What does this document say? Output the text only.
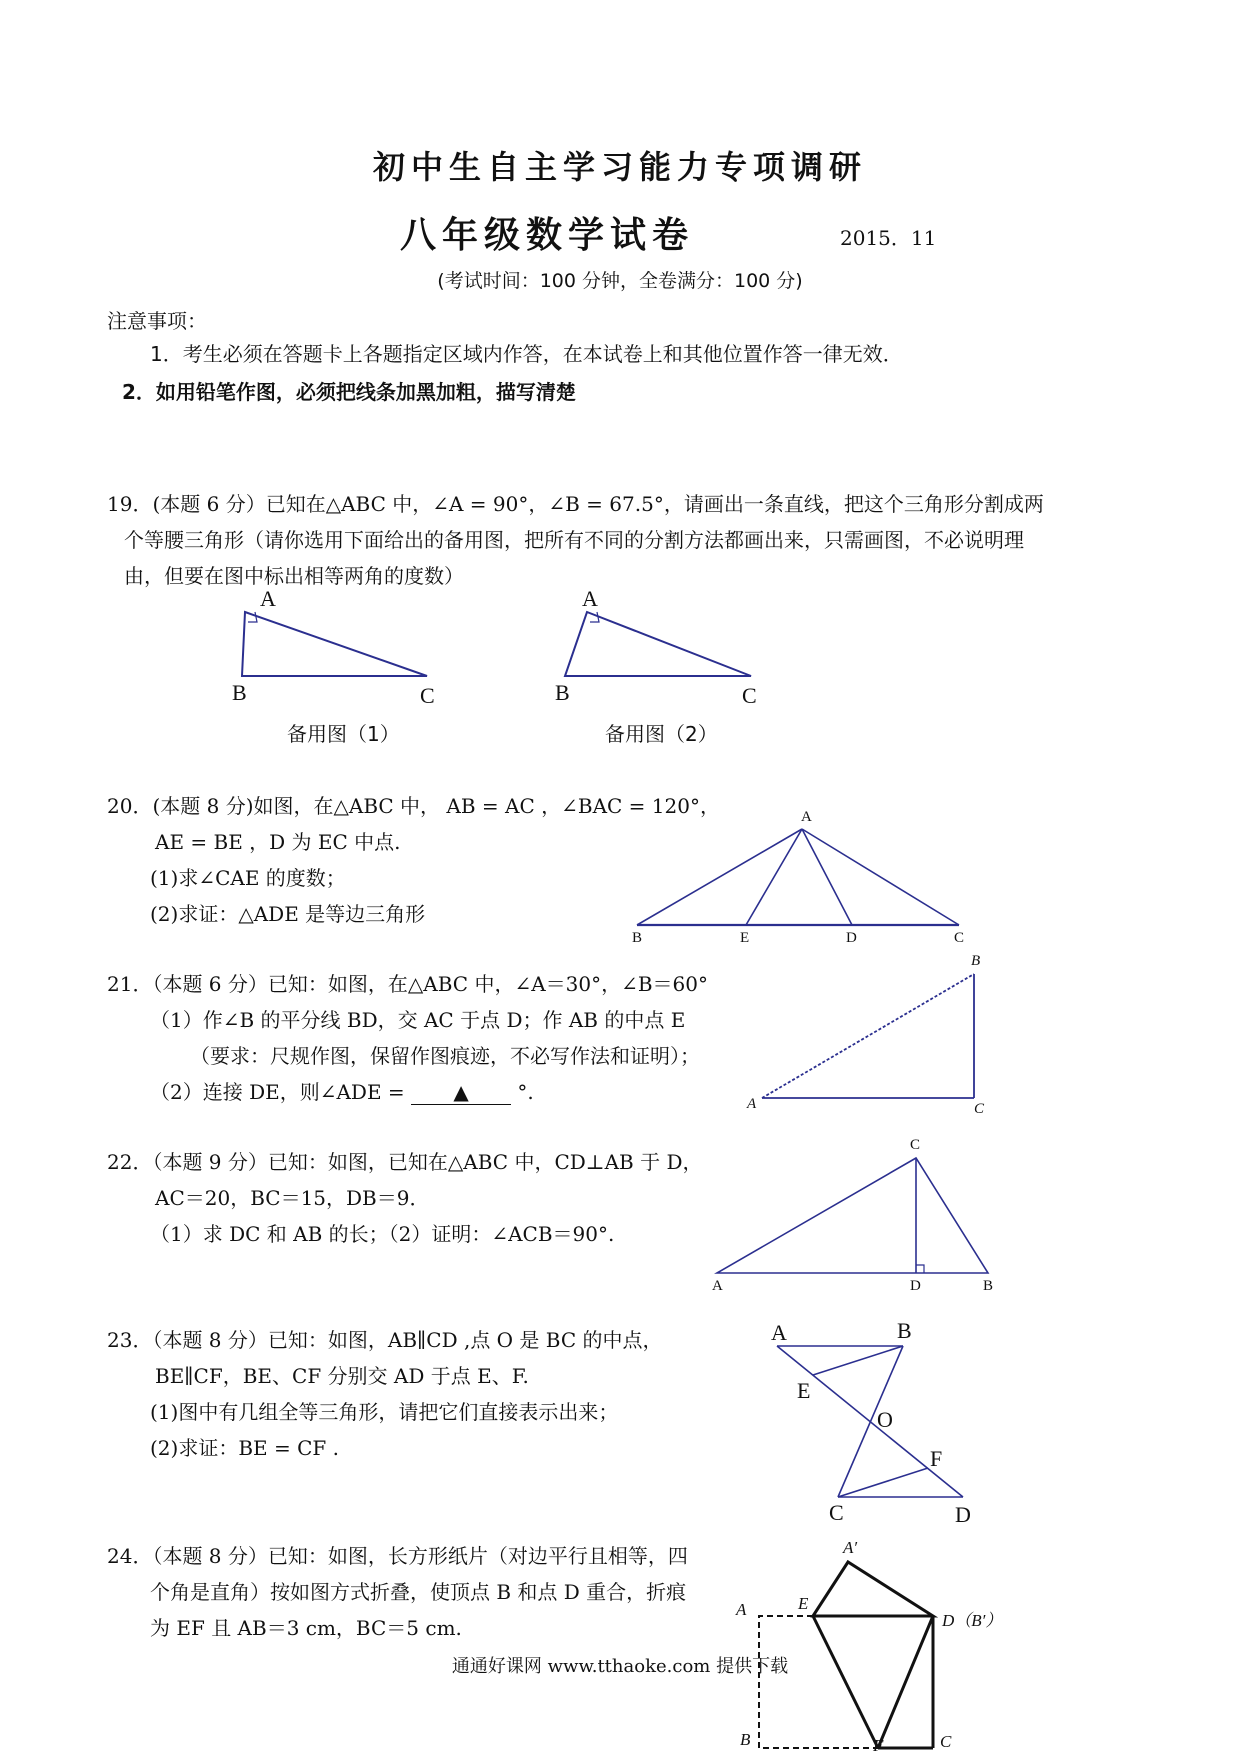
初中生自主学习能力专项调研
八年级数学试卷	2015．11
(考试时间：100 分钟，全卷满分：100 分)
注意事项：
1．考生必须在答题卡上各题指定区域内作答，在本试卷上和其他位置作答一律无效．
2．如用铅笔作图，必须把线条加黑加粗，描写清楚
19．(本题 6 分）已知在△ABC 中，∠A = 90°，∠B = 67.5°，请画出一条直线，把这个三角形分割成两
个等腰三角形（请你选用下面给出的备用图，把所有不同的分割方法都画出来，只需画图，不必说明理
由，但要在图中标出相等两角的度数）
A
B	C
备用图（1）
A
B	C
备用图（2）
20．(本题 8 分)如图，在△ABC 中， AB = AC ，∠BAC = 120°，
AE = BE ，D 为 EC 中点.
(1)求∠CAE 的度数；
(2)求证：△ADE 是等边三角形
A
B	E	D	C
21．（本题 6 分）已知：如图，在△ABC 中，∠A＝30°，∠B＝60°
（1）作∠B 的平分线 BD，交 AC 于点 D；作 AB 的中点 E
（要求：尺规作图，保留作图痕迹，不必写作法和证明）；
（2）连接 DE，则∠ADE = ▲ °.	A
B
C
22．（本题 9 分）已知：如图，已知在△ABC 中，CD⊥AB 于 D，
AC＝20，BC＝15，DB＝9．
（1）求 DC 和 AB 的长；（2）证明：∠ACB＝90°.
A	B
C
D
23．（本题 8 分）已知：如图，AB∥CD ,点 O 是 BC 的中点，
BE∥CF，BE、CF 分别交 AD 于点 E、F.
(1)图中有几组全等三角形，请把它们直接表示出来；
(2)求证：BE = CF .
A	B
E
O
F
C	D
24．（本题 8 分）已知：如图，长方形纸片（对边平行且相等，四
个角是直角）按如图方式折叠，使顶点 B 和点 D 重合，折痕
为 EF 且 AB＝3 cm，BC＝5 cm.
A
A′
E
D（B′）
B	F	C
通通好课网 www.tthaoke.com 提供下载
